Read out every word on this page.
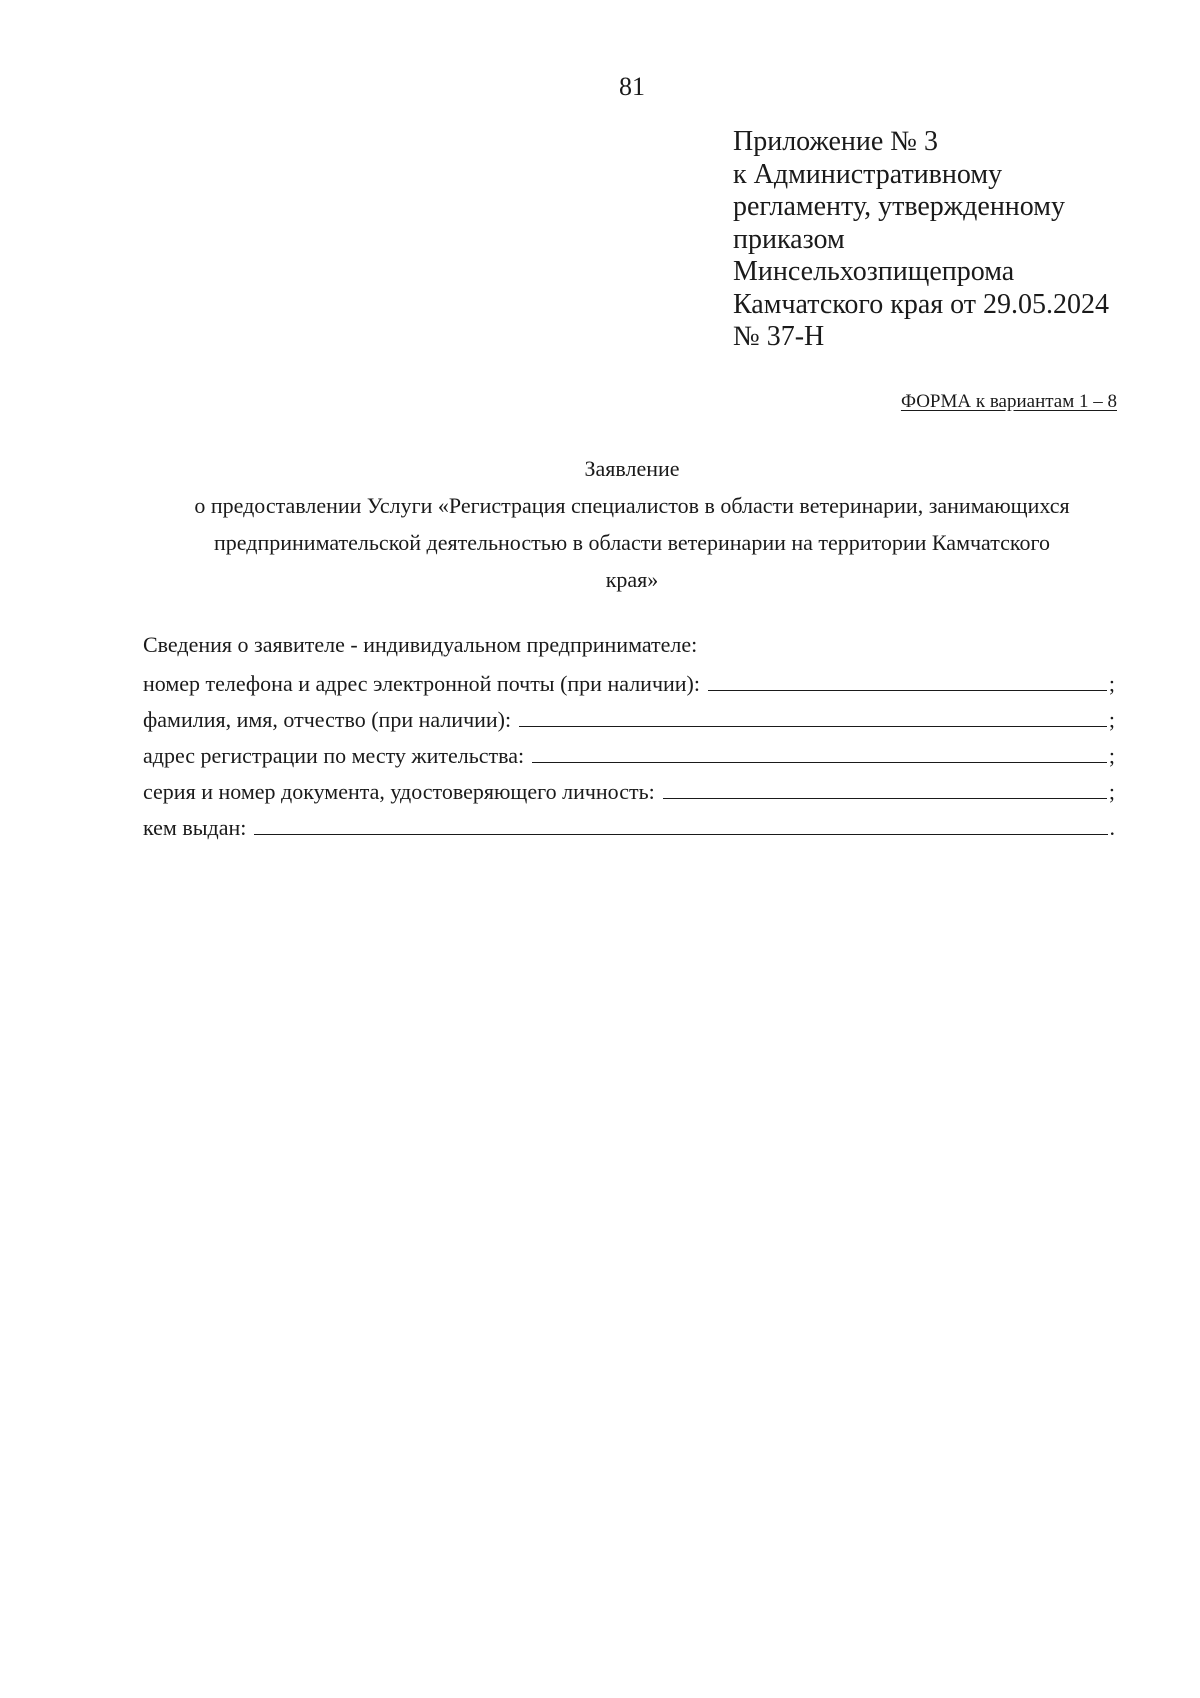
81
Приложение № 3
к Административному
регламенту, утвержденному
приказом
Минсельхозпищепрома
Камчатского края от 29.05.2024
№ 37-Н
ФОРМА к вариантам 1 – 8
Заявление
о предоставлении Услуги «Регистрация специалистов в области ветеринарии, занимающихся
предпринимательской деятельностью в области ветеринарии на территории Камчатского
края»
Сведения о заявителе - индивидуальном предпринимателе:
номер телефона и адрес электронной почты (при наличии):	;
фамилия, имя, отчество (при наличии):	;
адрес регистрации по месту жительства:	;
серия и номер документа, удостоверяющего личность:	;
кем выдан:	.
